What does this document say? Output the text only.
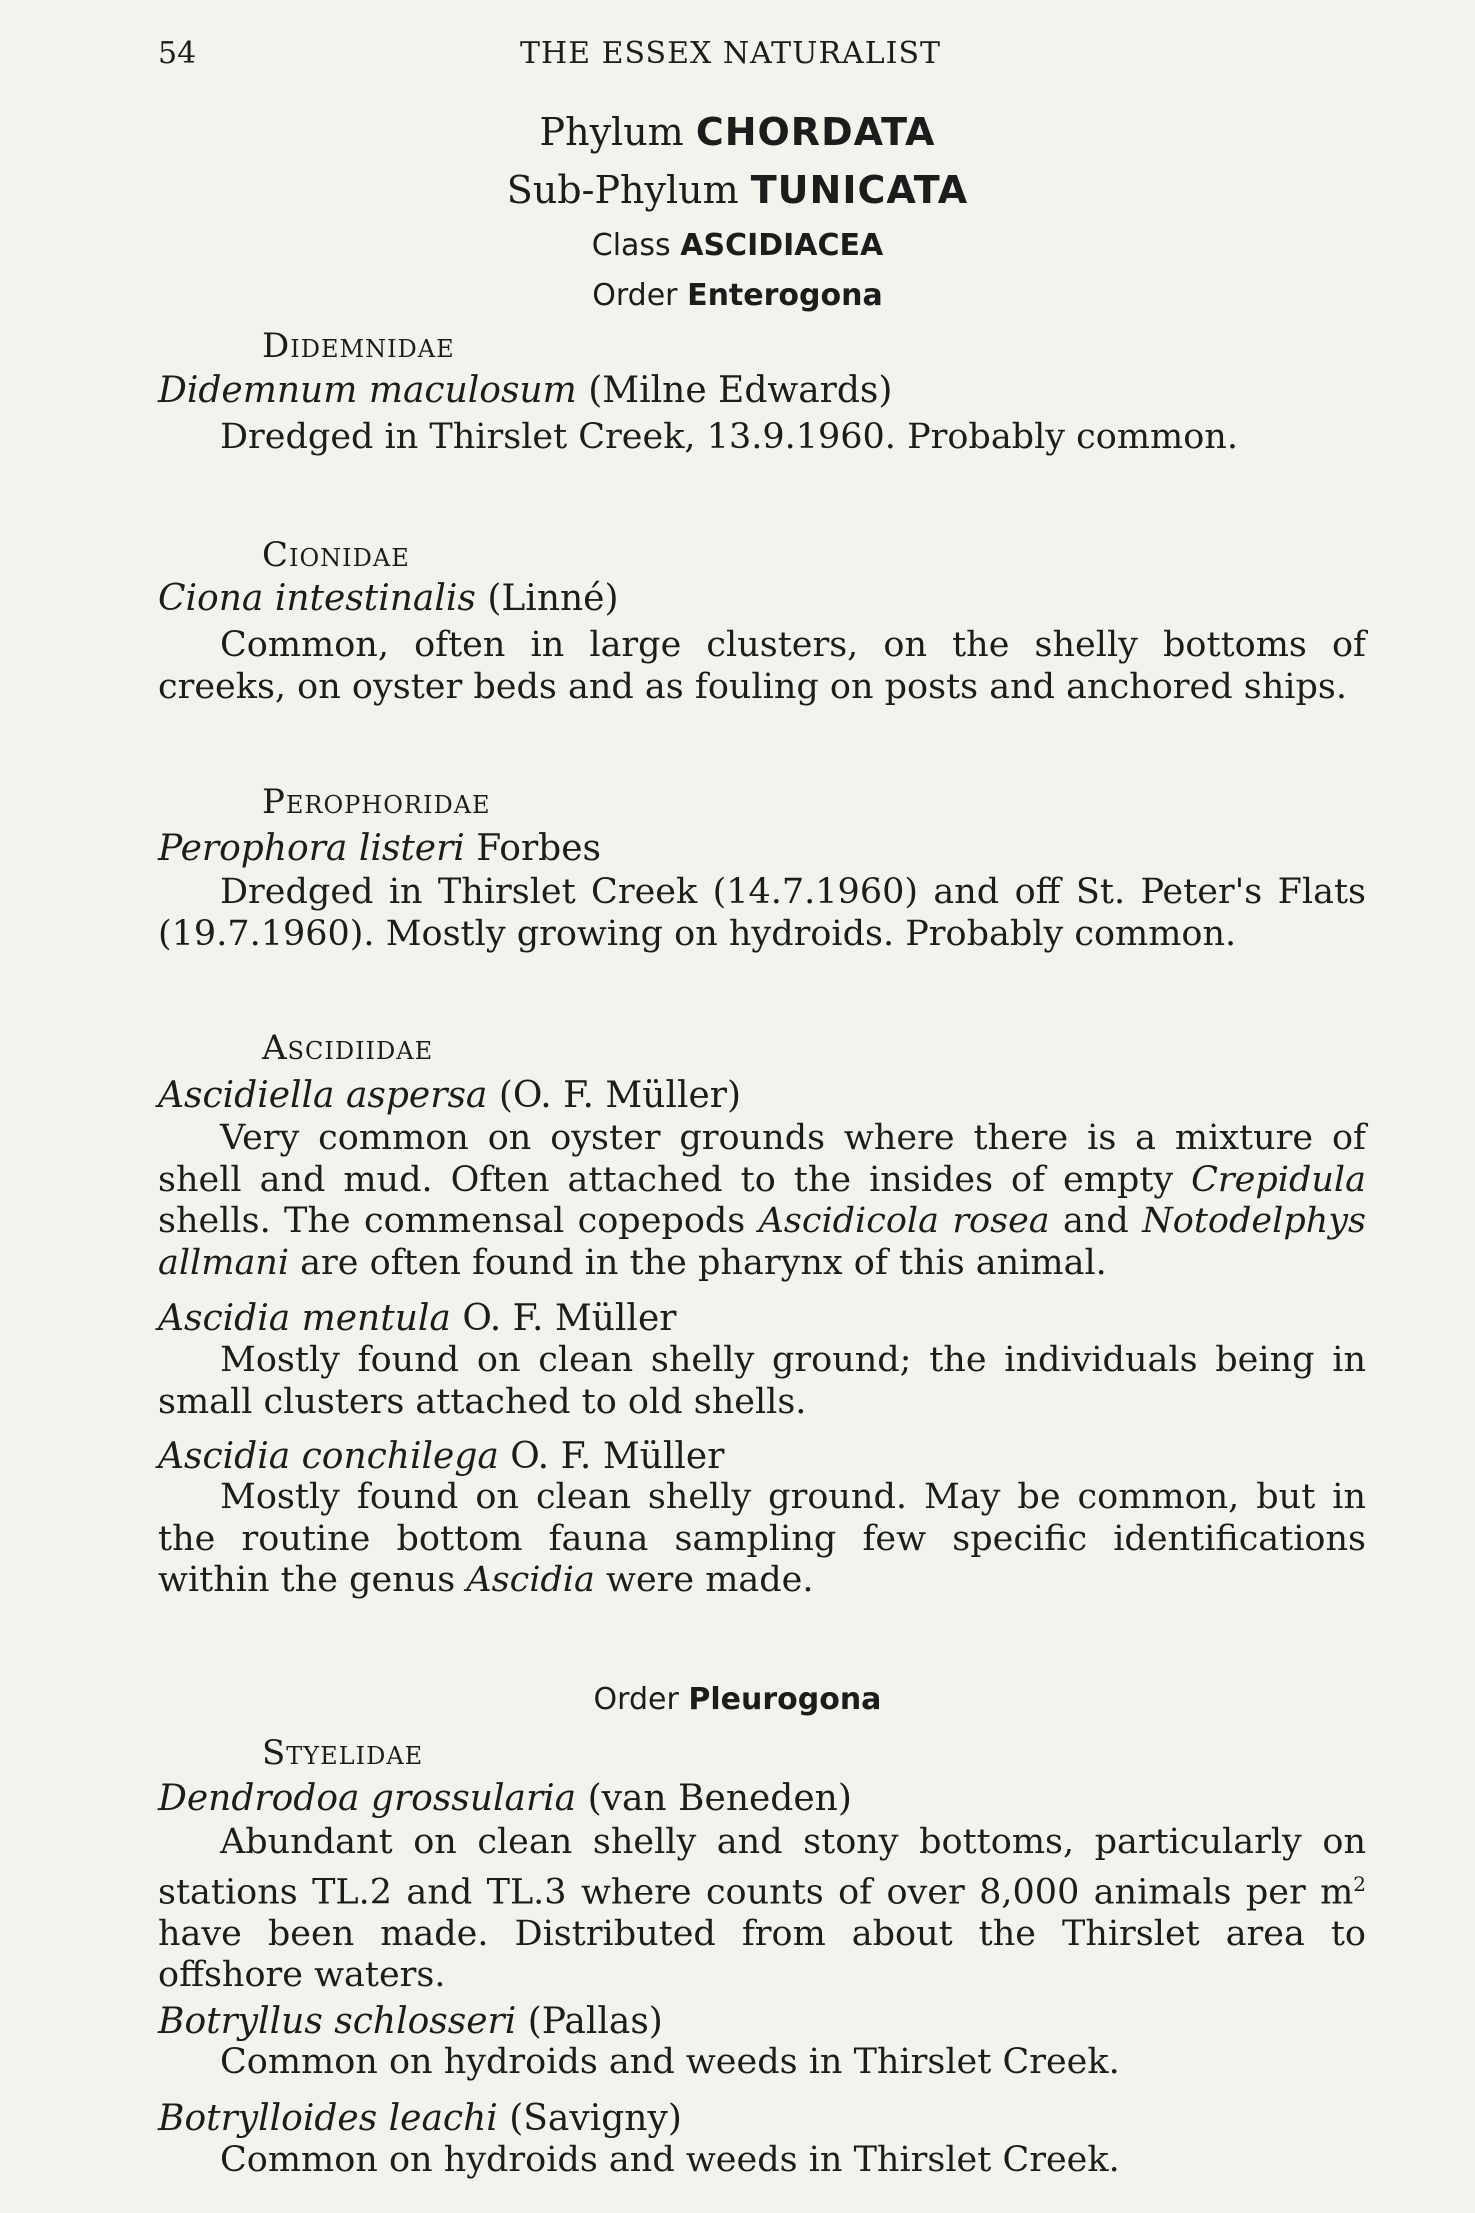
54	THE ESSEX NATURALIST
Phylum CHORDATA
Sub-Phylum TUNICATA
Class ASCIDIACEA
Order Enterogona
Didemnidae
Didemnum maculosum (Milne Edwards)

Dredged in Thirslet Creek, 13.9.1960. Probably common.

Cionidae
Ciona intestinalis (Linné)

Common, often in large clusters, on the shelly bottoms of creeks, on oyster beds and as fouling on posts and anchored ships.

Perophoridae
Perophora listeri Forbes

Dredged in Thirslet Creek (14.7.1960) and off St. Peter's Flats (19.7.1960). Mostly growing on hydroids. Probably common.

Ascidiidae
Ascidiella aspersa (O. F. Müller)

Very common on oyster grounds where there is a mixture of shell and mud. Often attached to the insides of empty Crepidula shells. The commensal copepods Ascidicola rosea and Notodelphys allmani are often found in the pharynx of this animal.

Ascidia mentula O. F. Müller

Mostly found on clean shelly ground; the individuals being in small clusters attached to old shells.

Ascidia conchilega O. F. Müller

Mostly found on clean shelly ground. May be common, but in the routine bottom fauna sampling few specific identifications within the genus Ascidia were made.

Order Pleurogona
Styelidae
Dendrodoa grossularia (van Beneden)

Abundant on clean shelly and stony bottoms, particularly on stations TL.2 and TL.3 where counts of over 8,000 animals per $m^2$ have been made. Distributed from about the Thirslet area to offshore waters.

Botryllus schlosseri (Pallas)

Common on hydroids and weeds in Thirslet Creek.

Botrylloides leachi (Savigny)

Common on hydroids and weeds in Thirslet Creek.
